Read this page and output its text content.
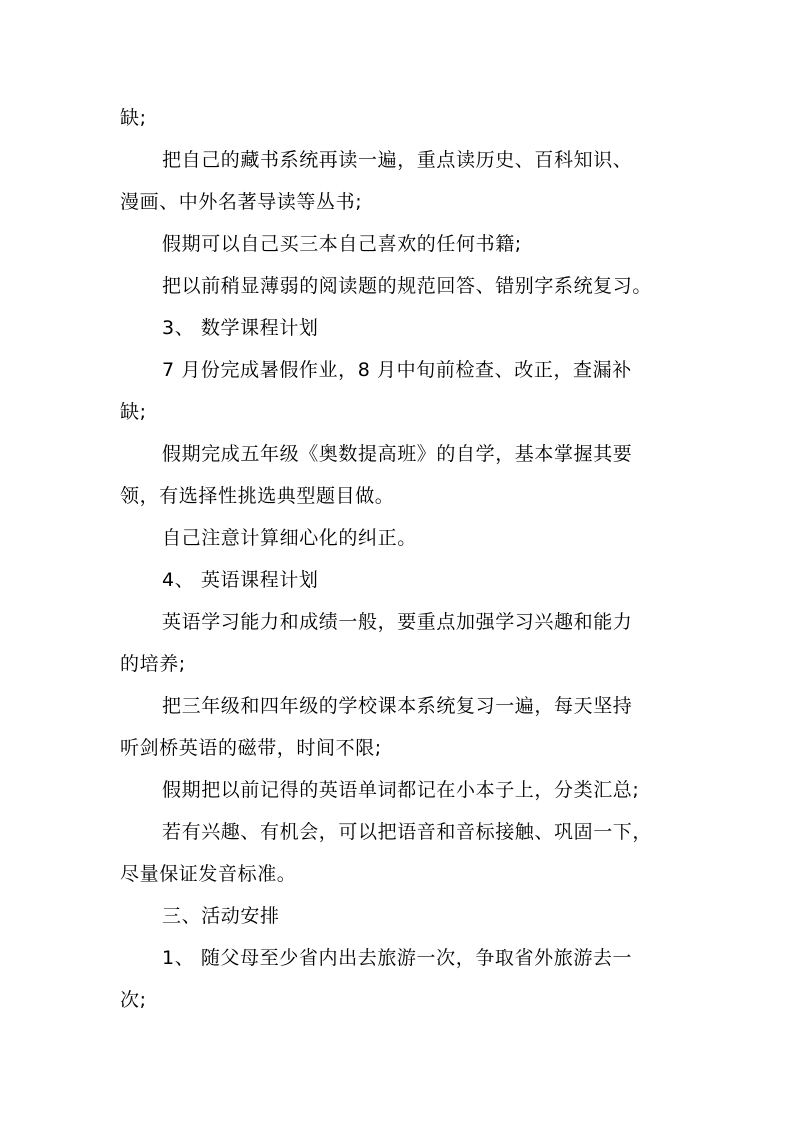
缺;
把自己的藏书系统再读一遍，重点读历史、百科知识、
漫画、中外名著导读等丛书;
假期可以自己买三本自己喜欢的任何书籍;
把以前稍显薄弱的阅读题的规范回答、错别字系统复习。
3、 数学课程计划
7 月份完成暑假作业，8 月中旬前检查、改正，查漏补
缺;
假期完成五年级《奥数提高班》的自学，基本掌握其要
领，有选择性挑选典型题目做。
自己注意计算细心化的纠正。
4、 英语课程计划
英语学习能力和成绩一般，要重点加强学习兴趣和能力
的培养;
把三年级和四年级的学校课本系统复习一遍，每天坚持
听剑桥英语的磁带，时间不限;
假期把以前记得的英语单词都记在小本子上，分类汇总;
若有兴趣、有机会，可以把语音和音标接触、巩固一下，
尽量保证发音标准。
三、活动安排
1、 随父母至少省内出去旅游一次，争取省外旅游去一
次;
